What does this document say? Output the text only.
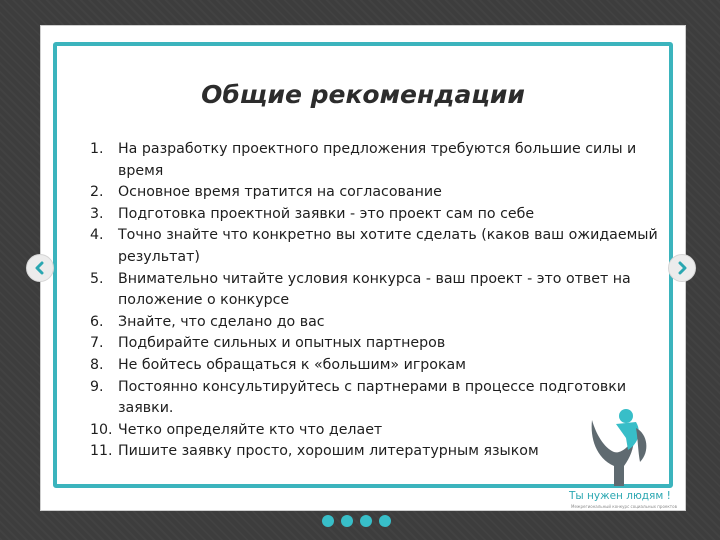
Общие рекомендации
1. На разработку проектного предложения требуются большие силы и время
2. Основное время тратится на согласование
3. Подготовка проектной заявки - это проект сам по себе
4. Точно знайте что конкретно вы хотите сделать (каков ваш ожидаемый результат)
5. Внимательно читайте условия конкурса - ваш проект - это ответ на положение о конкурсе
6. Знайте, что сделано до вас
7. Подбирайте сильных и опытных партнеров
8. Не бойтесь обращаться к «большим» игрокам
9. Постоянно консультируйтесь с партнерами в процессе подготовки заявки.
10. Четко определяйте кто что делает
11. Пишите заявку просто, хорошим литературным языком
Ты нужен людям !
Межрегиональный конкурс социальных проектов
